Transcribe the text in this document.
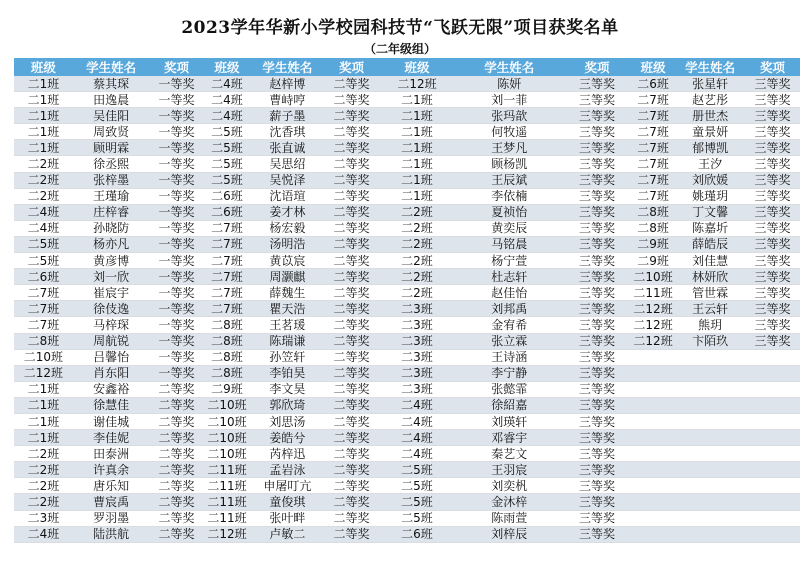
2023学年华新小学校园科技节“飞跃无限”项目获奖名单
（二年级组）
班级	学生姓名	奖项	班级	学生姓名	奖项	班级	学生姓名	奖项	班级	学生姓名	奖项
二1班	蔡其琛	一等奖	二4班	赵梓博	二等奖	二12班	陈妍	三等奖	二6班	张星轩	三等奖
二1班	田逸晨	一等奖	二4班	曹峙哼	二等奖	二1班	刘一菲	三等奖	二7班	赵艺彤	三等奖
二1班	吴佳阳	一等奖	二4班	薪子墨	二等奖	二1班	张玛歆	三等奖	二7班	册世杰	三等奖
二1班	周致贤	一等奖	二5班	沈香琪	二等奖	二1班	何牧遥	三等奖	二7班	童景妍	三等奖
二1班	顾明霖	一等奖	二5班	张直诚	二等奖	二1班	王梦凡	三等奖	二7班	郁博凯	三等奖
二2班	徐丞熙	一等奖	二5班	吴思绍	二等奖	二1班	顾杨凯	三等奖	二7班	王汐	三等奖
二2班	张梓墨	一等奖	二5班	吴悦泽	二等奖	二1班	王辰斌	三等奖	二7班	刘欣媛	三等奖
二2班	王瑾瑜	一等奖	二6班	沈语瑄	二等奖	二1班	李依楠	三等奖	二7班	姚瑾玥	三等奖
二4班	庄梓睿	一等奖	二6班	姜才林	二等奖	二2班	夏祯怡	三等奖	二8班	丁文馨	三等奖
二4班	孙晓防	一等奖	二7班	杨宏毅	二等奖	二2班	黄奕辰	三等奖	二8班	陈嘉圻	三等奖
二5班	杨亦凡	一等奖	二7班	汤明浩	二等奖	二2班	马铭晨	三等奖	二9班	薛皓辰	三等奖
二5班	黄彦博	一等奖	二7班	黄苡宸	二等奖	二2班	杨宁萱	三等奖	二9班	刘佳慧	三等奖
二6班	刘一欣	一等奖	二7班	周灏麒	二等奖	二2班	杜志轩	三等奖	二10班	林妍欣	三等奖
二7班	崔宸宇	一等奖	二7班	薛魏生	二等奖	二2班	赵佳怡	三等奖	二11班	管世霖	三等奖
二7班	徐伎逸	一等奖	二7班	瞿天浩	二等奖	二3班	刘邦禹	三等奖	二12班	王云轩	三等奖
二7班	马梓琛	一等奖	二8班	王茗瑗	二等奖	二3班	金宥希	三等奖	二12班	熊玥	三等奖
二8班	周航锐	一等奖	二8班	陈瑞谦	二等奖	二3班	张立霖	三等奖	二12班	卞陌玖	三等奖
二10班	吕馨怡	一等奖	二8班	孙笠轩	二等奖	二3班	王诗涵	三等奖			
二12班	肖东阳	一等奖	二8班	李铂昊	二等奖	二3班	李宁静	三等奖			
二1班	安鑫裕	二等奖	二9班	李文昊	二等奖	二3班	张懿霏	三等奖			
二1班	徐慧佳	二等奖	二10班	郭欣琦	二等奖	二4班	徐紹嘉	三等奖			
二1班	谢佳城	二等奖	二10班	刘思汤	二等奖	二4班	刘瑛轩	三等奖			
二1班	李佳妮	二等奖	二10班	姜皓兮	二等奖	二4班	邓睿宇	三等奖			
二2班	田泰洲	二等奖	二10班	芮梓迅	二等奖	二4班	秦艺文	三等奖			
二2班	许真余	二等奖	二11班	孟岩泳	二等奖	二5班	王羽宸	三等奖			
二2班	唐乐知	二等奖	二11班	申屠叮亢	二等奖	二5班	刘奕杋	三等奖			
二2班	曹宸禹	二等奖	二11班	童俊琪	二等奖	二5班	金沐梓	三等奖			
二3班	罗羽墨	二等奖	二11班	张叶畔	二等奖	二5班	陈雨萱	三等奖			
二4班	陆洪航	二等奖	二12班	卢敏二	二等奖	二6班	刘梓辰	三等奖			
